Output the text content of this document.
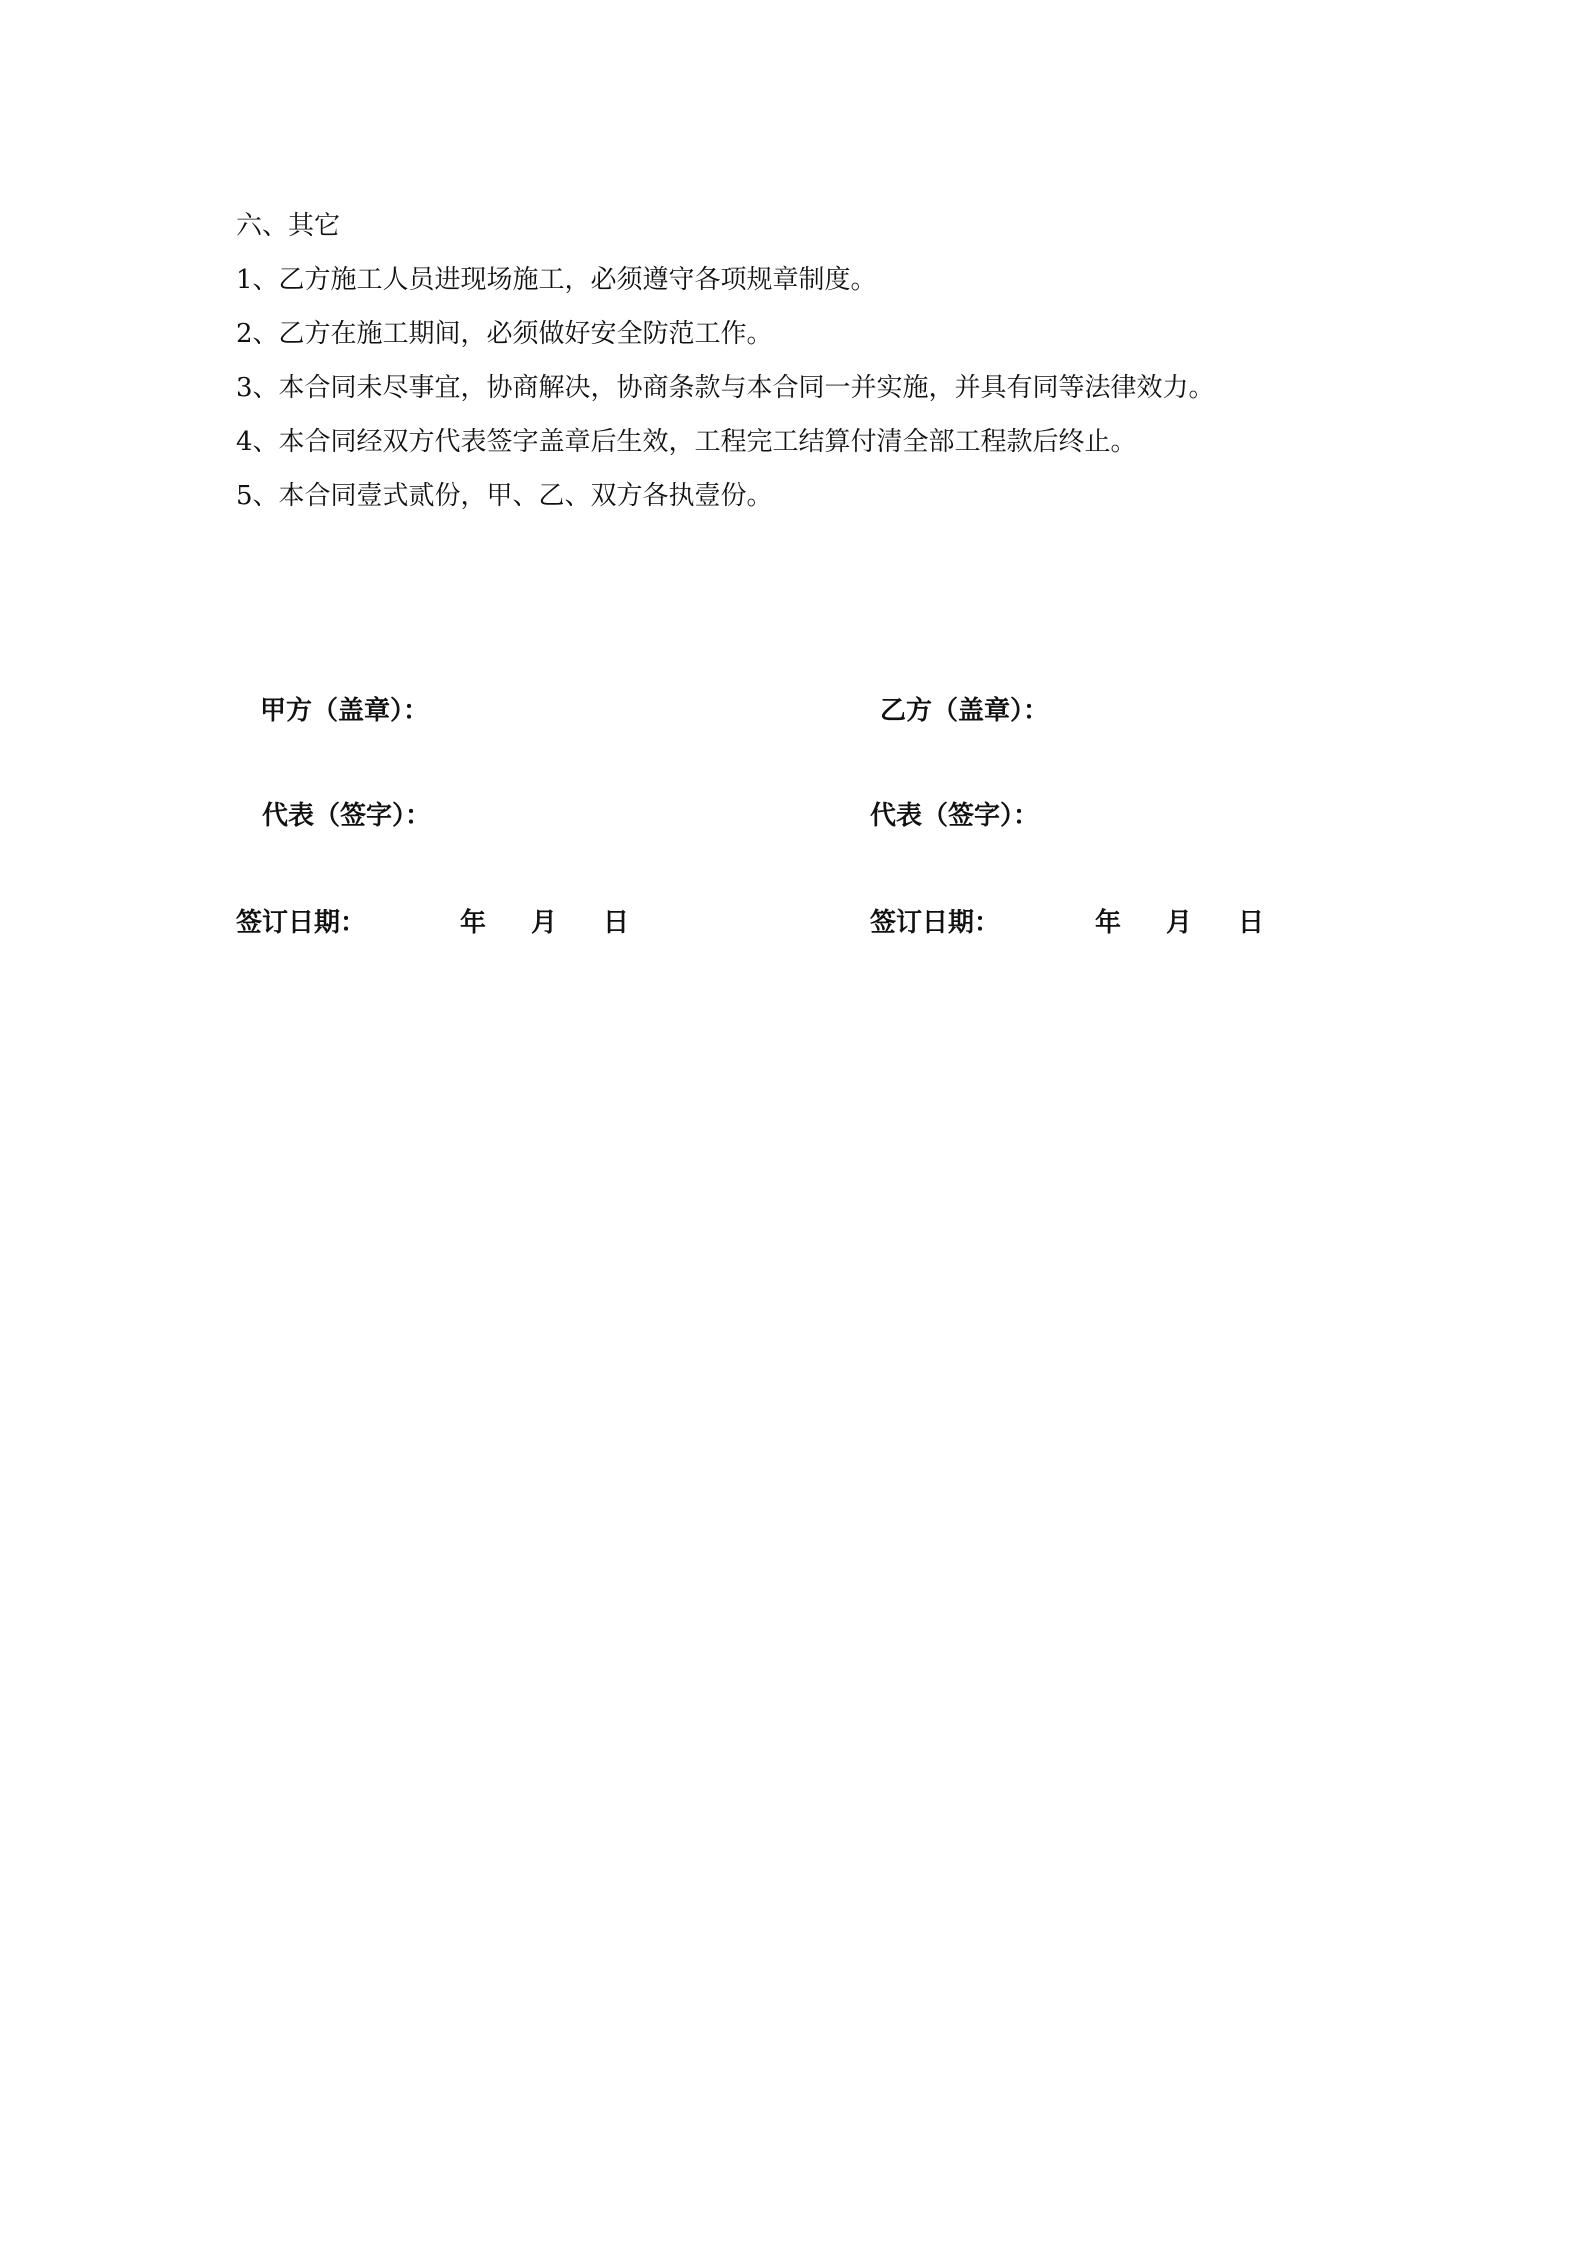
六、其它
1、乙方施工人员进现场施工，必须遵守各项规章制度。
2、乙方在施工期间，必须做好安全防范工作。
3、本合同未尽事宜，协商解决，协商条款与本合同一并实施，并具有同等法律效力。
4、本合同经双方代表签字盖章后生效，工程完工结算付清全部工程款后终止。
5、本合同壹式贰份，甲、乙、双方各执壹份。
甲方（盖章）：	乙方（盖章）：
代表（签字）：	代表（签字）：
签订日期：	年 月 日	签订日期：	年 月 日
